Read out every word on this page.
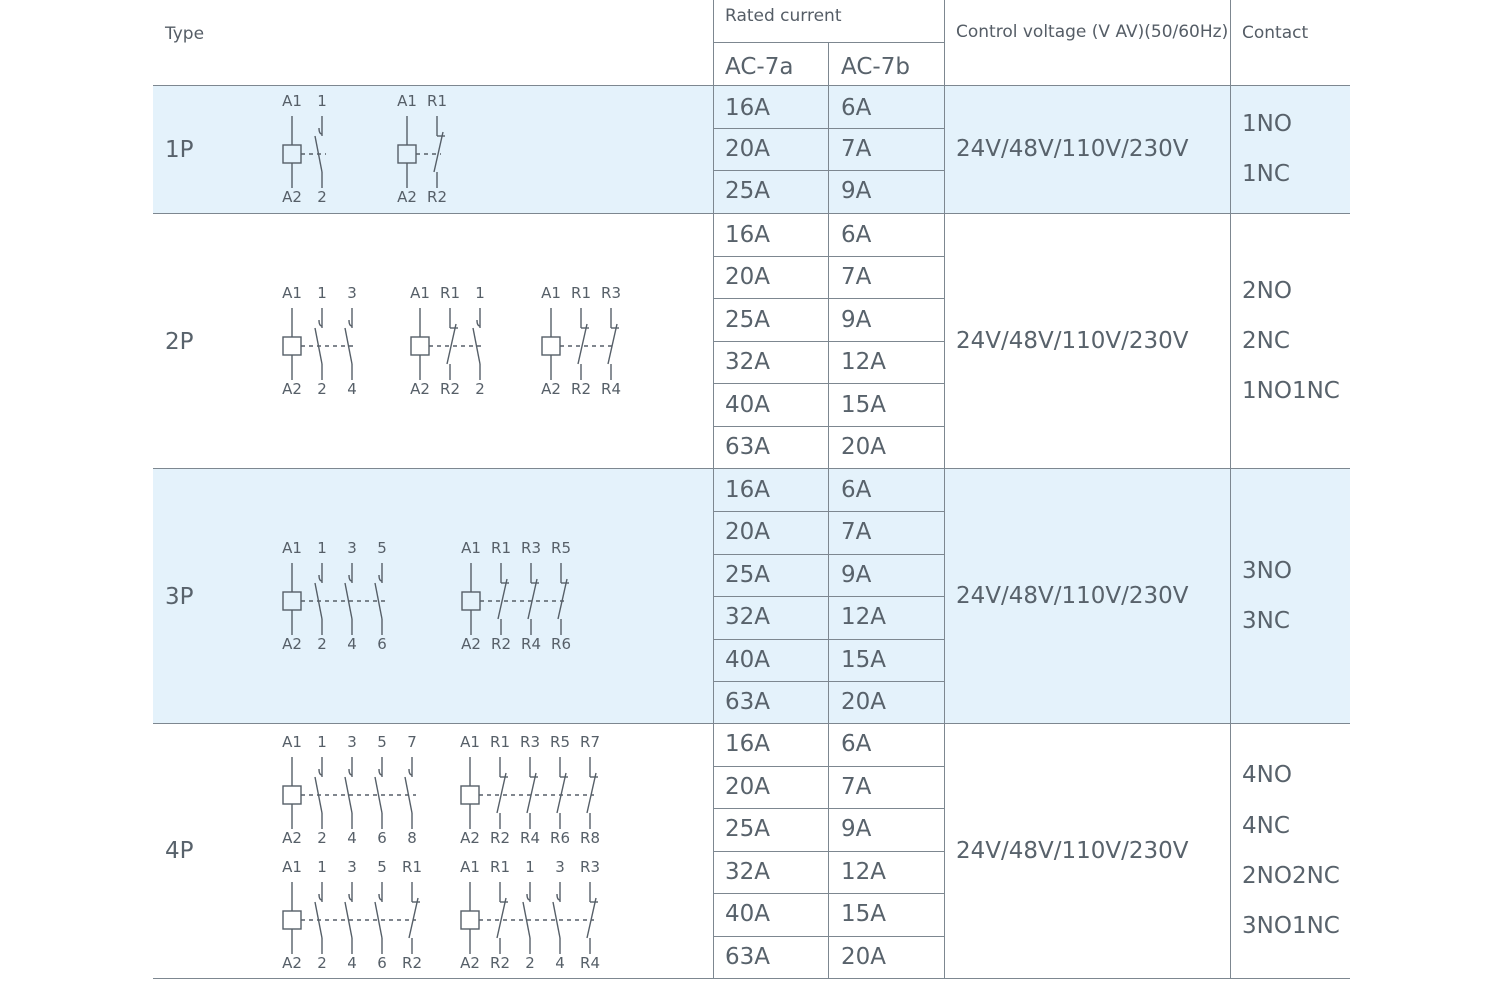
Type
Rated current
AC-7a AC-7b
Control voltage (V AV)(50/60Hz) Contact
1P
16A
20A
25A
6A
7A
9A
24V/48V/110V/230V
1NO
1NC
2P
16A
20A
25A
32A
40A
63A
6A
7A
9A
12A
15A
20A
24V/48V/110V/230V
2NO
2NC
1NO1NC
3P
16A
20A
25A
32A
40A
63A
6A
7A
9A
12A
15A
20A
24V/48V/110V/230V
3NO
3NC
4P
16A
20A
25A
32A
40A
63A
6A
7A
9A
12A
15A
20A
24V/48V/110V/230V
4NO
4NC
2NO2NC
3NO1NC
A1 1
A2 2
A1 R1
A2 R2
A1 1 3
A2 2 4
A1 R1 1
A2 R2 2
A1 R1 R3
A2 R2 R4
A1 1 3 5
A2 2 4 6
A1 R1 R3 R5
A2 R2 R4 R6
A1 1 3 5 7
A2 2 4 6 8
A1 R1 R3 R5 R7
A2 R2 R4 R6 R8
A1 1 3 5 R1
A2 2 4 6 R2
A1 R1 1 3 R3
A2 R2 2 4 R4
